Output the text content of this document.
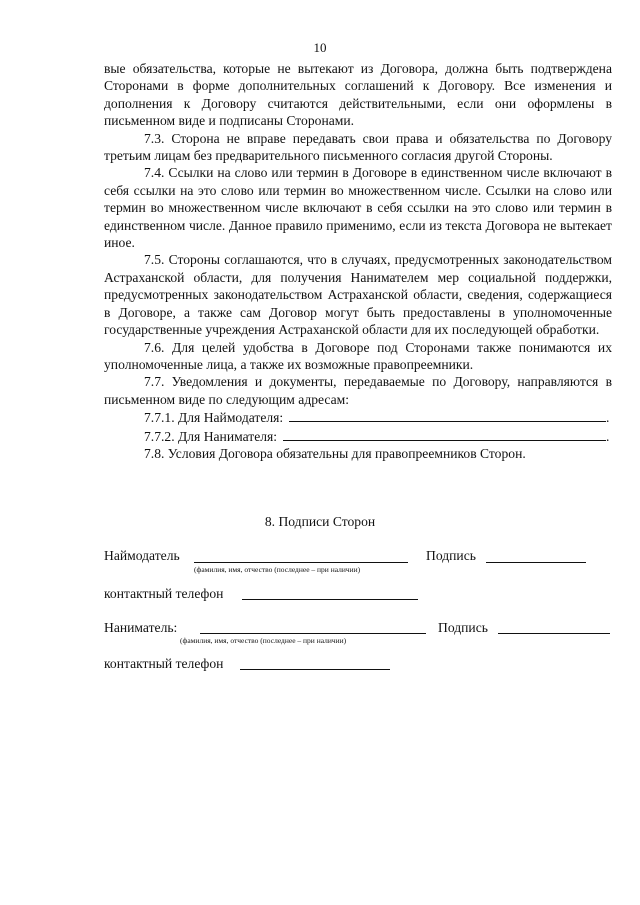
10

вые обязательства, которые не вытекают из Договора, должна быть подтверждена Сторонами в форме дополнительных соглашений к Договору. Все изменения и дополнения к Договору считаются действительными, если они оформлены в письменном виде и подписаны Сторонами.

7.3. Сторона не вправе передавать свои права и обязательства по Договору третьим лицам без предварительного письменного согласия другой Стороны.

7.4. Ссылки на слово или термин в Договоре в единственном числе включают в себя ссылки на это слово или термин во множественном числе. Ссылки на слово или термин во множественном числе включают в себя ссылки на это слово или термин в единственном числе. Данное правило применимо, если из текста Договора не вытекает иное.

7.5. Стороны соглашаются, что в случаях, предусмотренных законодательством Астраханской области, для получения Нанимателем мер социальной поддержки, предусмотренных законодательством Астраханской области, сведения, содержащиеся в Договоре, а также сам Договор могут быть предоставлены в уполномоченные государственные учреждения Астраханской области для их последующей обработки.

7.6. Для целей удобства в Договоре под Сторонами также понимаются их уполномоченные лица, а также их возможные правопреемники.

7.7. Уведомления и документы, передаваемые по Договору, направляются в письменном виде по следующим адресам:

7.7.1. Для Наймодателя:	.
7.7.2. Для Нанимателя:	.

7.8. Условия Договора обязательны для правопреемников Сторон.

8. Подписи Сторон
Наймодатель
(фамилия, имя, отчество (последнее – при наличии)
Подпись
контактный телефон
Наниматель:
(фамилия, имя, отчество (последнее – при наличии)
Подпись
контактный телефон
